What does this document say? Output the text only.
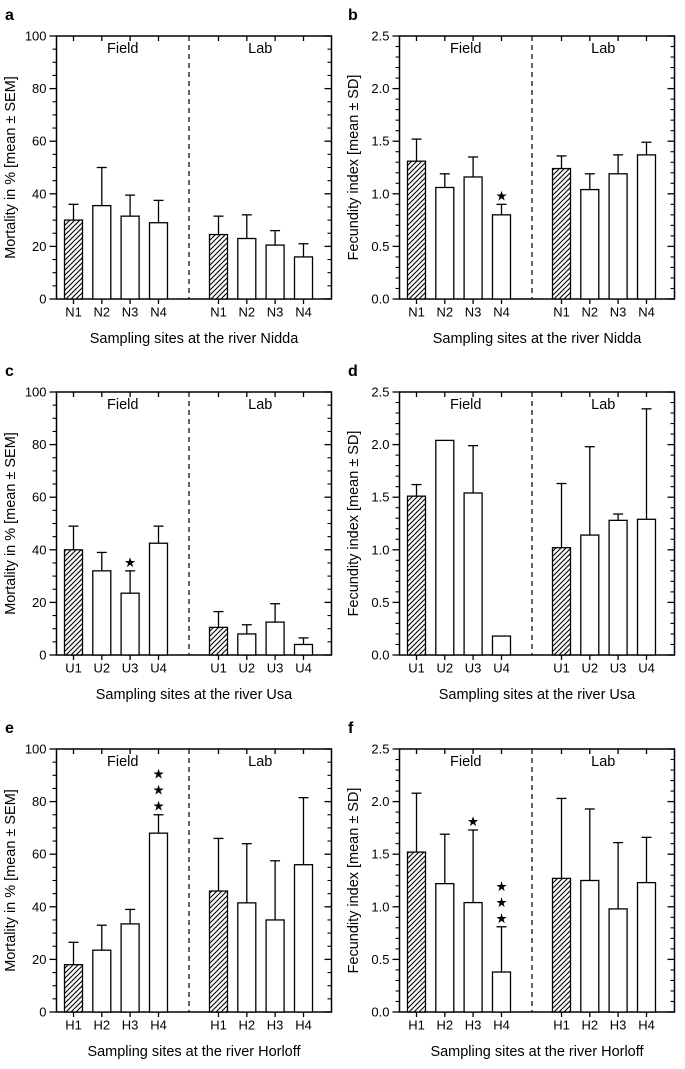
a
0
20
40
60
80
100
Field	Lab
N1 N2 N3 N4	N1 N2 N3 N4
Sampling sites at the river Nidda
Mortality in % [mean ± SEM]
b
0.0
0.5
1.0
1.5
2.0
2.5
Field	Lab
N1 N2 N3
★
N4	N1 N2 N3 N4
Sampling sites at the river Nidda
Fecundity index [mean ± SD]
c
0
20
40
60
80
100
Field	Lab
U1 U2
★
U3 U4	U1 U2 U3 U4
Sampling sites at the river Usa
Mortality in % [mean ± SEM]
d
0.0
0.5
1.0
1.5
2.0
2.5
Field	Lab
U1 U2 U3 U4	U1 U2 U3 U4
Sampling sites at the river Usa
Fecundity index [mean ± SD]
e
0
20
40
60
80
100
Field	Lab
H1 H2 H3
★
★
★
H4	H1 H2 H3 H4
Sampling sites at the river Horloff
Mortality in % [mean ± SEM]
f
0.0
0.5
1.0
1.5
2.0
2.5
Field	Lab
H1 H2
★
H3
★
★
★
H4	H1 H2 H3 H4
Sampling sites at the river Horloff
Fecundity index [mean ± SD]
